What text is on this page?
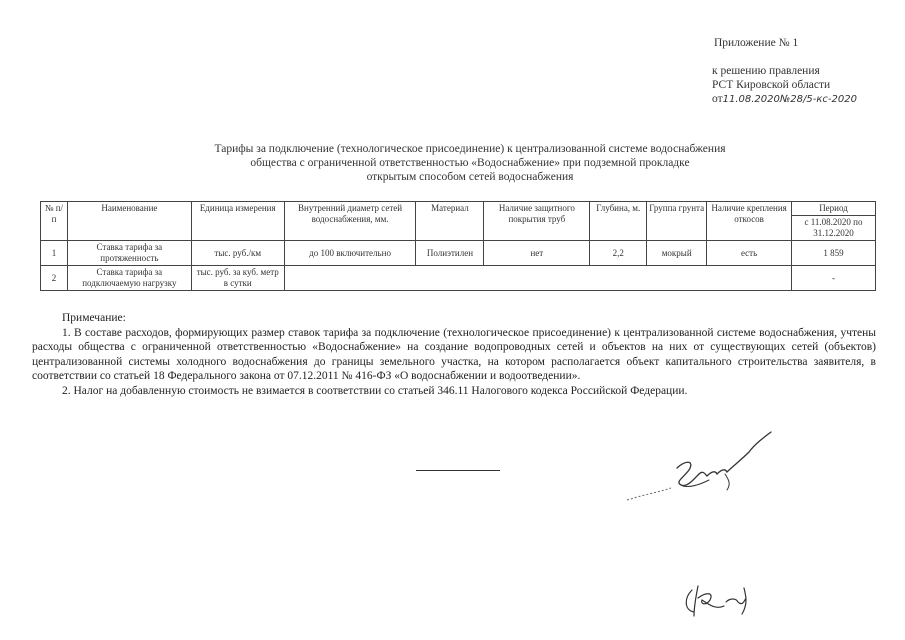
Приложение № 1
к решению правления
РСТ Кировской области
от11.08.2020№28/5-кс-2020
Тарифы за подключение (технологическое присоединение) к централизованной системе водоснабжения
общества с ограниченной ответственностью «Водоснабжение» при подземной прокладке
открытым способом сетей водоснабжения
№ п/п	Наименование	Единица измерения	Внутренний диаметр сетей водоснабжения, мм.	Материал	Наличие защитного покрытия труб	Глубина, м.	Группа грунта	Наличие крепления откосов	Период
									с 11.08.2020 по 31.12.2020
1	Ставка тарифа за протяженность	тыс. руб./км	до 100 включительно	Полиэтилен	нет	2,2	мокрый	есть	1 859
2	Ставка тарифа за подключаемую нагрузку	тыс. руб. за куб. метр в сутки							-

Примечание:

1. В составе расходов, формирующих размер ставок тарифа за подключение (технологическое присоединение) к централизованной системе водоснабжения, учтены расходы общества с ограниченной ответственностью «Водоснабжение» на создание водопроводных сетей и объектов на них от существующих сетей (объектов) централизованной системы холодного водоснабжения до границы земельного участка, на котором располагается объект капитального строительства заявителя, в соответствии со статьей 18 Федерального закона от 07.12.2011 № 416-ФЗ «О водоснабжении и водоотведении».

2. Налог на добавленную стоимость не взимается в соответствии со статьей 346.11 Налогового кодекса Российской Федерации.
